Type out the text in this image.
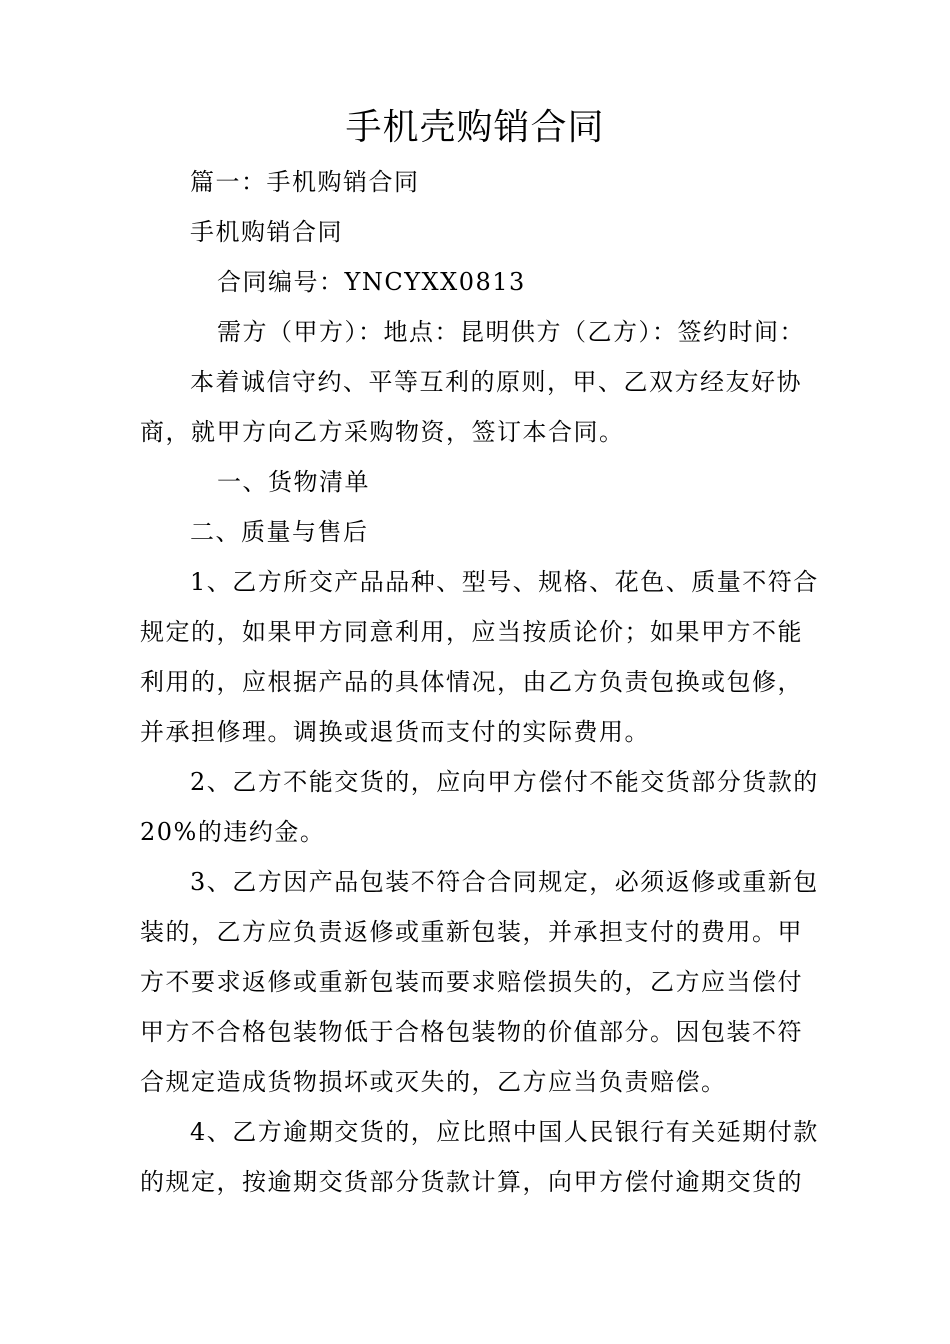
手机壳购销合同
篇一：手机购销合同
手机购销合同
合同编号：YNCYXX0813
需方（甲方）：地点：昆明供方（乙方）：签约时间：
本着诚信守约、平等互利的原则，甲、乙双方经友好协
商，就甲方向乙方采购物资，签订本合同。
一、货物清单
二、质量与售后
1、乙方所交产品品种、型号、规格、花色、质量不符合
规定的，如果甲方同意利用，应当按质论价；如果甲方不能
利用的，应根据产品的具体情况，由乙方负责包换或包修，
并承担修理。调换或退货而支付的实际费用。
2、乙方不能交货的，应向甲方偿付不能交货部分货款的
20%的违约金。
3、乙方因产品包装不符合合同规定，必须返修或重新包
装的，乙方应负责返修或重新包装，并承担支付的费用。甲
方不要求返修或重新包装而要求赔偿损失的，乙方应当偿付
甲方不合格包装物低于合格包装物的价值部分。因包装不符
合规定造成货物损坏或灭失的，乙方应当负责赔偿。
4、乙方逾期交货的，应比照中国人民银行有关延期付款
的规定，按逾期交货部分货款计算，向甲方偿付逾期交货的
